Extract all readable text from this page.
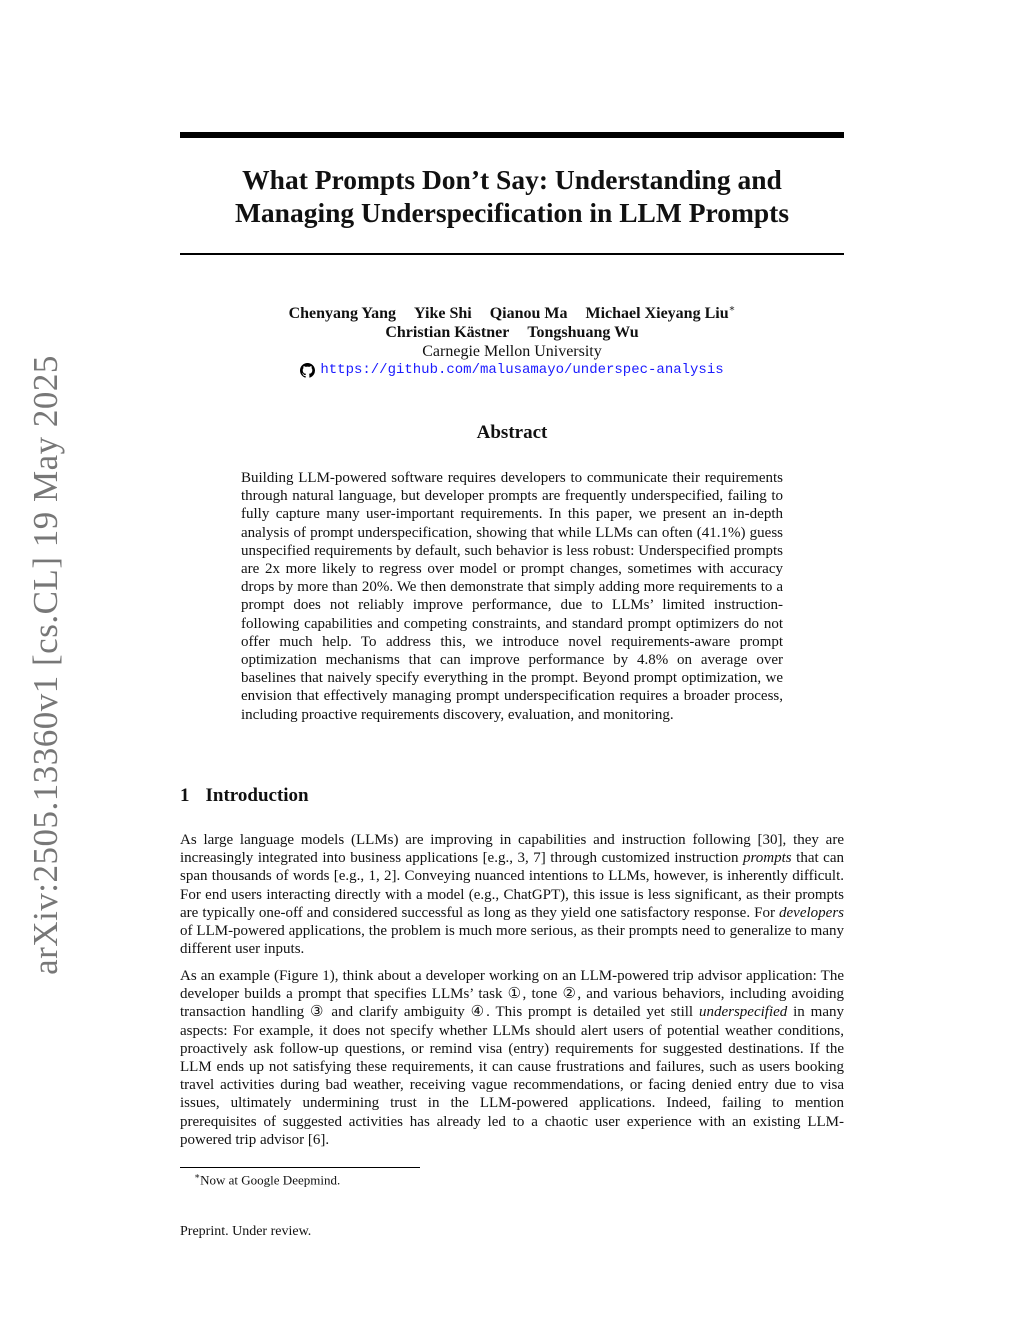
arXiv:2505.13360v1 [cs.CL] 19 May 2025
What Prompts Don’t Say: Understanding and
Managing Underspecification in LLM Prompts
Chenyang Yang Yike Shi Qianou Ma Michael Xieyang Liu∗
Christian Kästner Tongshuang Wu
Carnegie Mellon University
https://github.com/malusamayo/underspec-analysis
Abstract
Building LLM-powered software requires developers to communicate their requirements through natural language, but developer prompts are frequently underspecified, failing to fully capture many user-important requirements. In this paper, we present an in-depth analysis of prompt underspecification, showing that while LLMs can often (41.1%) guess unspecified requirements by default, such behavior is less robust: Underspecified prompts are 2x more likely to regress over model or prompt changes, sometimes with accuracy drops by more than 20%. We then demonstrate that simply adding more requirements to a prompt does not reliably improve performance, due to LLMs’ limited instruction-following capabilities and competing constraints, and standard prompt optimizers do not offer much help. To address this, we introduce novel requirements-aware prompt optimization mechanisms that can improve performance by 4.8% on average over baselines that naively specify everything in the prompt. Beyond prompt optimization, we envision that effectively managing prompt underspecification requires a broader process, including proactive requirements discovery, evaluation, and monitoring.
1 Introduction
As large language models (LLMs) are improving in capabilities and instruction following [30], they are increasingly integrated into business applications [e.g., 3, 7] through customized instruction prompts that can span thousands of words [e.g., 1, 2]. Conveying nuanced intentions to LLMs, however, is inherently difficult. For end users interacting directly with a model (e.g., ChatGPT), this issue is less significant, as their prompts are typically one-off and considered successful as long as they yield one satisfactory response. For developers of LLM-powered applications, the problem is much more serious, as their prompts need to generalize to many different user inputs.
As an example (Figure 1), think about a developer working on an LLM-powered trip advisor application: The developer builds a prompt that specifies LLMs’ task ①, tone ②, and various behaviors, including avoiding transaction handling ③ and clarify ambiguity ④. This prompt is detailed yet still underspecified in many aspects: For example, it does not specify whether LLMs should alert users of potential weather conditions, proactively ask follow-up questions, or remind visa (entry) requirements for suggested destinations. If the LLM ends up not satisfying these requirements, it can cause frustrations and failures, such as users booking travel activities during bad weather, receiving vague recommendations, or facing denied entry due to visa issues, ultimately undermining trust in the LLM-powered applications. Indeed, failing to mention prerequisites of suggested activities has already led to a chaotic user experience with an existing LLM-powered trip advisor [6].
∗Now at Google Deepmind.
Preprint. Under review.
